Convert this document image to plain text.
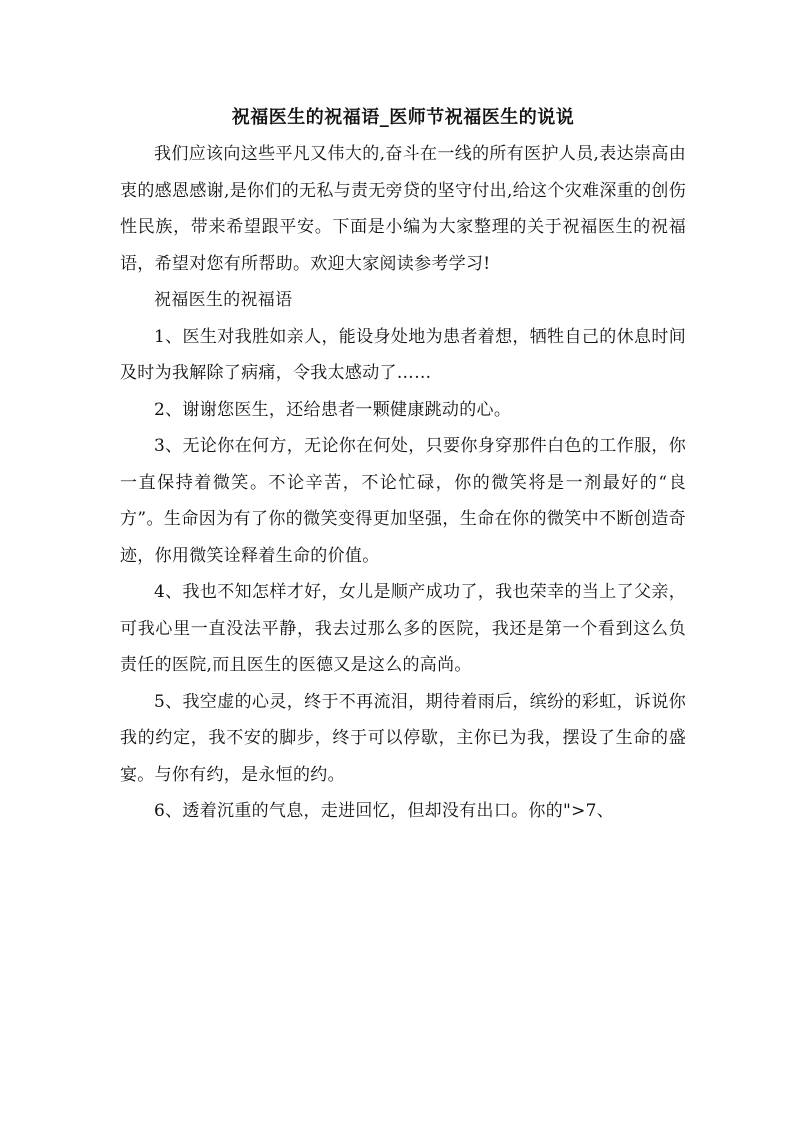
祝福医生的祝福语_医师节祝福医生的说说

我们应该向这些平凡又伟大的,奋斗在一线的所有医护人员,表达崇高由衷的感恩感谢,是你们的无私与责无旁贷的坚守付出,给这个灾难深重的创伤性民族，带来希望跟平安。下面是小编为大家整理的关于祝福医生的祝福语，希望对您有所帮助。欢迎大家阅读参考学习!

祝福医生的祝福语

1、医生对我胜如亲人，能设身处地为患者着想，牺牲自己的休息时间及时为我解除了病痛，令我太感动了……

2、谢谢您医生，还给患者一颗健康跳动的心。

3、无论你在何方，无论你在何处，只要你身穿那件白色的工作服，你一直保持着微笑。不论辛苦，不论忙碌，你的微笑将是一剂最好的“良方”。生命因为有了你的微笑变得更加坚强，生命在你的微笑中不断创造奇迹，你用微笑诠释着生命的价值。

4、我也不知怎样才好，女儿是顺产成功了，我也荣幸的当上了父亲，可我心里一直没法平静，我去过那么多的医院，我还是第一个看到这么负责任的医院,而且医生的医德又是这么的高尚。

5、我空虚的心灵，终于不再流泪，期待着雨后，缤纷的彩虹，诉说你我的约定，我不安的脚步，终于可以停歇，主你已为我，摆设了生命的盛宴。与你有约，是永恒的约。

6、透着沉重的气息，走进回忆，但却没有出口。你的">7、
